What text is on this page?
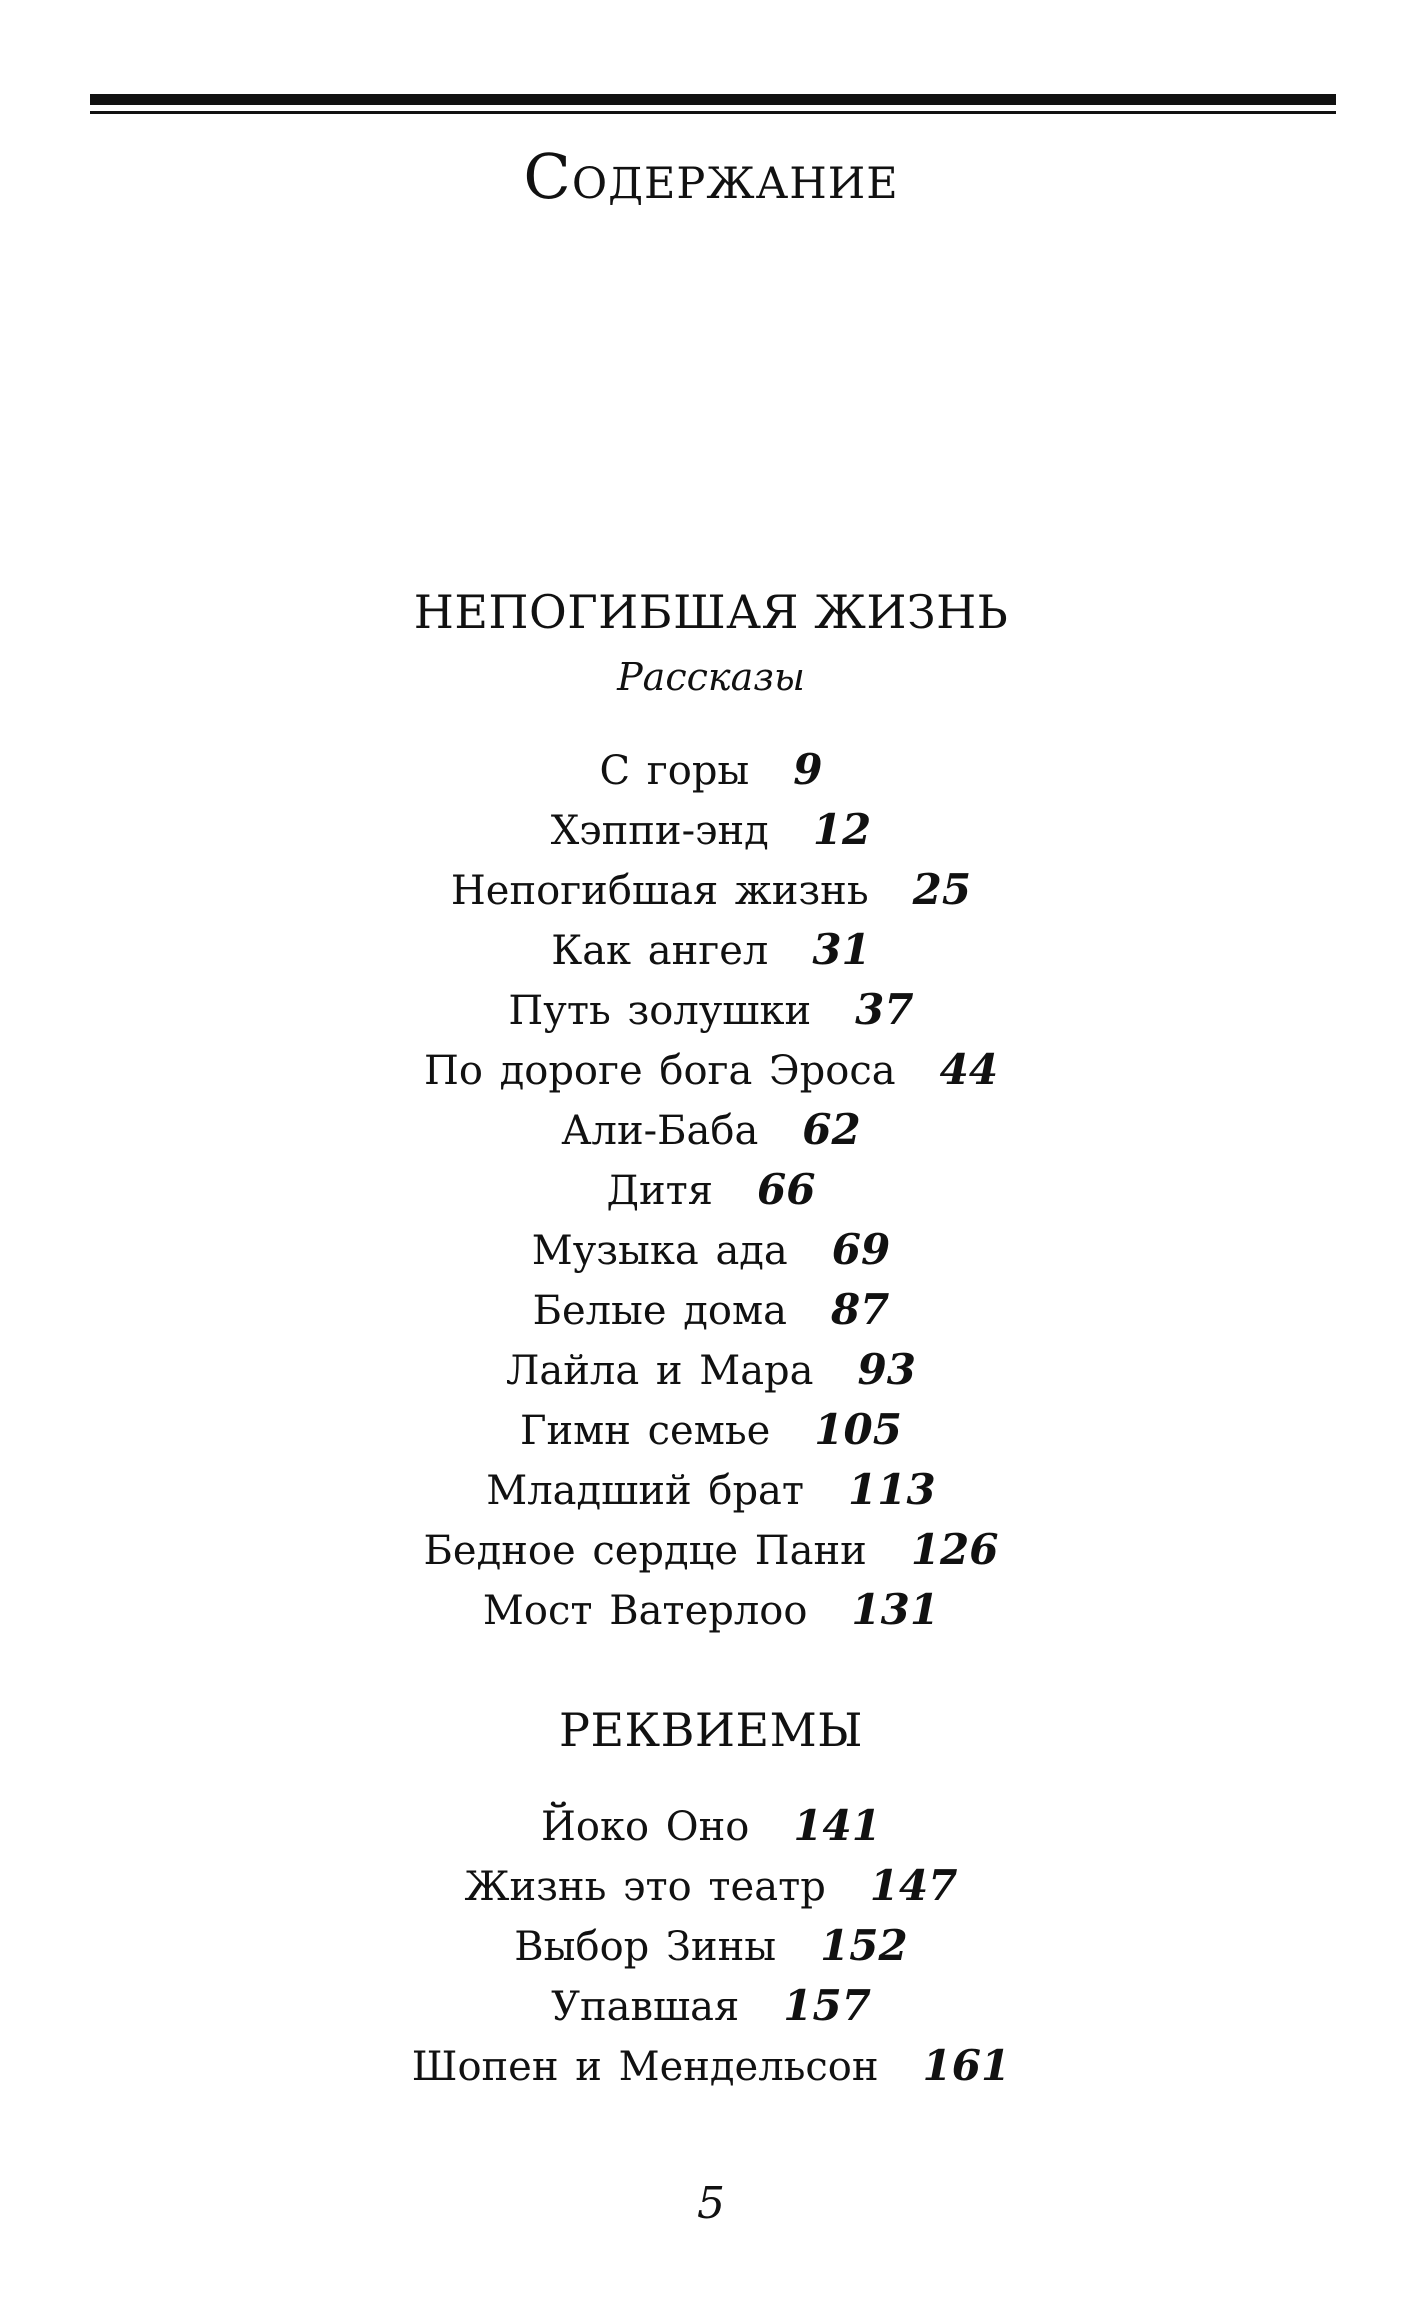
Содержание
НЕПОГИБШАЯ ЖИЗНЬ
Рассказы
С горы 9
Хэппи-энд 12
Непогибшая жизнь 25
Как ангел 31
Путь золушки 37
По дороге бога Эроса 44
Али-Баба 62
Дитя 66
Музыка ада 69
Белые дома 87
Лайла и Мара 93
Гимн семье 105
Младший брат 113
Бедное сердце Пани 126
Мост Ватерлоо 131
РЕКВИЕМЫ
Йоко Оно 141
Жизнь это театр 147
Выбор Зины 152
Упавшая 157
Шопен и Мендельсон 161
5
